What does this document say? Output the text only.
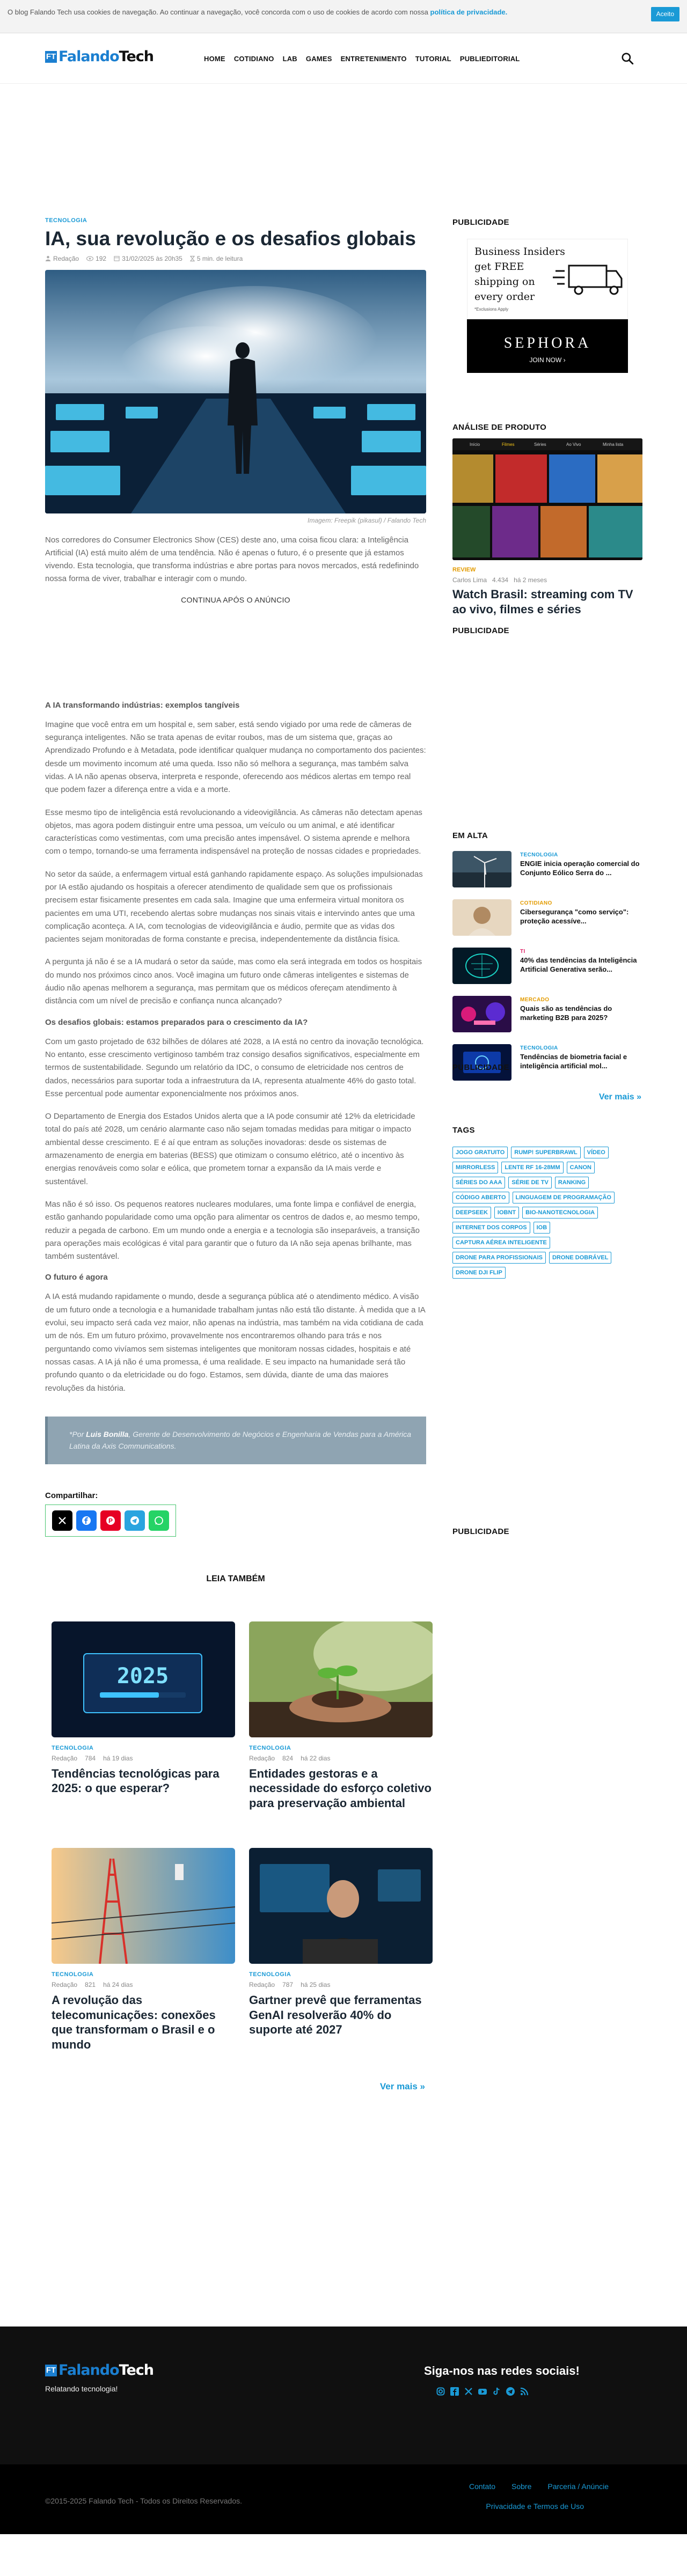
O blog Falando Tech usa cookies de navegação. Ao continuar a navegação, você concorda com o uso de cookies de acordo com nossa política de privacidade.	Aceito
FT FalandoTech	HOME COTIDIANO LAB GAMES ENTRETENIMENTO TUTORIAL PUBLIEDITORIAL
TECNOLOGIA
IA, sua revolução e os desafios globais
Redação	192 31/02/2025 às 20h35 5 min. de leitura
Imagem: Freepik (pikasul) / Falando Tech

Nos corredores do Consumer Electronics Show (CES) deste ano, uma coisa ficou clara: a Inteligência Artificial (IA) está muito além de uma tendência. Não é apenas o futuro, é o presente que já estamos vivendo. Esta tecnologia, que transforma indústrias e abre portas para novos mercados, está redefinindo nossa forma de viver, trabalhar e interagir com o mundo.

CONTINUA APÓS O ANÚNCIO
A IA transformando indústrias: exemplos tangíveis

Imagine que você entra em um hospital e, sem saber, está sendo vigiado por uma rede de câmeras de segurança inteligentes. Não se trata apenas de evitar roubos, mas de um sistema que, graças ao Aprendizado Profundo e à Metadata, pode identificar qualquer mudança no comportamento dos pacientes: desde um movimento incomum até uma queda. Isso não só melhora a segurança, mas também salva vidas. A IA não apenas observa, interpreta e responde, oferecendo aos médicos alertas em tempo real que podem fazer a diferença entre a vida e a morte.

Esse mesmo tipo de inteligência está revolucionando a videovigilância. As câmeras não detectam apenas objetos, mas agora podem distinguir entre uma pessoa, um veículo ou um animal, e até identificar características como vestimentas, com uma precisão antes impensável. O sistema aprende e melhora com o tempo, tornando-se uma ferramenta indispensável na proteção de nossas cidades e propriedades.

No setor da saúde, a enfermagem virtual está ganhando rapidamente espaço. As soluções impulsionadas por IA estão ajudando os hospitais a oferecer atendimento de qualidade sem que os profissionais precisem estar fisicamente presentes em cada sala. Imagine que uma enfermeira virtual monitora os pacientes em uma UTI, recebendo alertas sobre mudanças nos sinais vitais e intervindo antes que uma complicação aconteça. A IA, com tecnologias de videovigilância e áudio, permite que as vidas dos pacientes sejam monitoradas de forma constante e precisa, independentemente da distância física.

A pergunta já não é se a IA mudará o setor da saúde, mas como ela será integrada em todos os hospitais do mundo nos próximos cinco anos. Você imagina um futuro onde câmeras inteligentes e sistemas de áudio não apenas melhorem a segurança, mas permitam que os médicos ofereçam atendimento à distância com um nível de precisão e confiança nunca alcançado?

Os desafios globais: estamos preparados para o crescimento da IA?

Com um gasto projetado de 632 bilhões de dólares até 2028, a IA está no centro da inovação tecnológica. No entanto, esse crescimento vertiginoso também traz consigo desafios significativos, especialmente em termos de sustentabilidade. Segundo um relatório da IDC, o consumo de eletricidade nos centros de dados, necessários para suportar toda a infraestrutura da IA, representa atualmente 46% do gasto total. Esse percentual pode aumentar exponencialmente nos próximos anos.

O Departamento de Energia dos Estados Unidos alerta que a IA pode consumir até 12% da eletricidade total do país até 2028, um cenário alarmante caso não sejam tomadas medidas para mitigar o impacto ambiental desse crescimento. E é aí que entram as soluções inovadoras: desde os sistemas de armazenamento de energia em baterias (BESS) que otimizam o consumo elétrico, até o incentivo às energias renováveis como solar e eólica, que prometem tornar a expansão da IA mais verde e sustentável.

Mas não é só isso. Os pequenos reatores nucleares modulares, uma fonte limpa e confiável de energia, estão ganhando popularidade como uma opção para alimentar os centros de dados e, ao mesmo tempo, reduzir a pegada de carbono. Em um mundo onde a energia e a tecnologia são inseparáveis, a transição para operações mais ecológicas é vital para garantir que o futuro da IA não seja apenas brilhante, mas também sustentável.

O futuro é agora

A IA está mudando rapidamente o mundo, desde a segurança pública até o atendimento médico. A visão de um futuro onde a tecnologia e a humanidade trabalham juntas não está tão distante. À medida que a IA evolui, seu impacto será cada vez maior, não apenas na indústria, mas também na vida cotidiana de cada um de nós. Em um futuro próximo, provavelmente nos encontraremos olhando para trás e nos perguntando como vivíamos sem sistemas inteligentes que monitoram nossas cidades, hospitais e até nossas casas. A IA já não é uma promessa, é uma realidade. E seu impacto na humanidade será tão profundo quanto o da eletricidade ou do fogo. Estamos, sem dúvida, diante de uma das maiores revoluções da história.

*Por Luis Bonilla, Gerente de Desenvolvimento de Negócios e Engenharia de Vendas para a América Latina da Axis Communications.
Compartilhar:
P
LEIA TAMBÉM
2025
TECNOLOGIA
Redação 784 há 19 dias
Tendências tecnológicas para 2025: o que esperar?
TECNOLOGIA
Redação 824 há 22 dias
Entidades gestoras e a necessidade do esforço coletivo para preservação ambiental
TECNOLOGIA
Redação 821 há 24 dias
A revolução das telecomunicações: conexões que transformam o Brasil e o mundo
TECNOLOGIA
Redação 787 há 25 dias
Gartner prevê que ferramentas GenAI resolverão 40% do suporte até 2027
Ver mais »
PUBLICIDADE
Business Insiders
get FREE
shipping on
every order
*Exclusions Apply
SEPHORA
JOIN NOW ›
ANÁLISE DE PRODUTO
Início	Filmes	Séries	Ao Vivo	Minha lista
REVIEW
Carlos Lima 4.434 há 2 meses
Watch Brasil: streaming com TV ao vivo, filmes e séries
PUBLICIDADE
EM ALTA
TECNOLOGIA
ENGIE inicia operação comercial do Conjunto Eólico Serra do ...
COTIDIANO
Cibersegurança "como serviço": proteção acessíve...
TI
40% das tendências da Inteligência Artificial Generativa serão...
MERCADO
Quais são as tendências do marketing B2B para 2025?
TECNOLOGIA
Tendências de biometria facial e inteligência artificial mol...
Ver mais »
PUBLICIDADE
TAGS
JOGO GRATUITO	RUMP! SUPERBRAWL	VÍDEO
MIRRORLESS	LENTE RF 16-28MM	CANON
SÉRIES DO AAA	SÉRIE DE TV	RANKING
CÓDIGO ABERTO	LINGUAGEM DE PROGRAMAÇÃO
DEEPSEEK	IOBNT	BIO-NANOTECNOLOGIA
INTERNET DOS CORPOS	IOB
CAPTURA AÉREA INTELIGENTE
DRONE PARA PROFISSIONAIS	DRONE DOBRÁVEL
DRONE DJI FLIP
PUBLICIDADE
FT FalandoTech
Relatando tecnologia!
Siga-nos nas redes sociais!
©2015-2025 Falando Tech - Todos os Direitos Reservados.
Contato Sobre Parceria / Anúncie
Privacidade e Termos de Uso
